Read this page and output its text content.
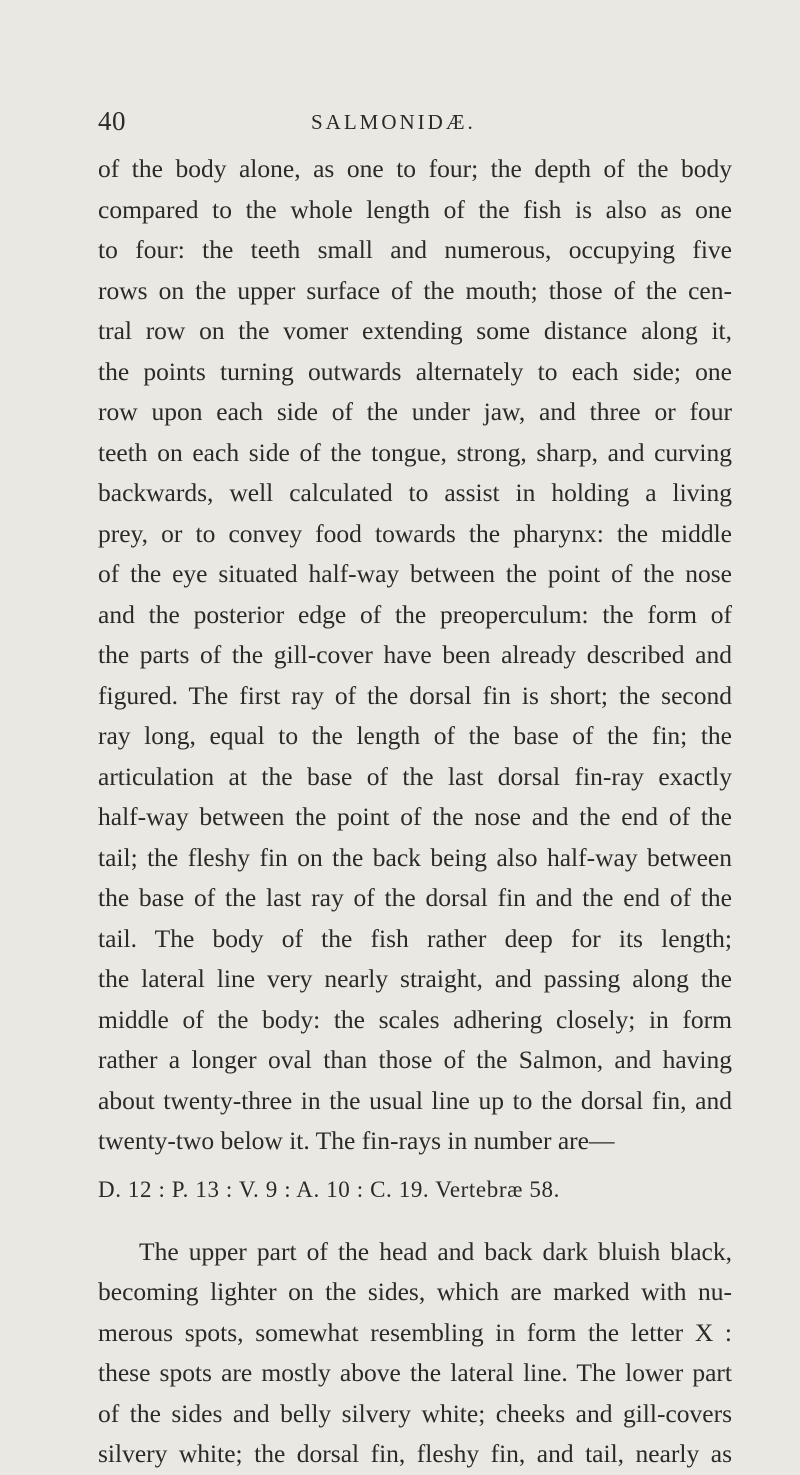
40	SALMONIDÆ.
of the body alone, as one to four; the depth of the body
compared to the whole length of the fish is also as one
to four: the teeth small and numerous, occupying five
rows on the upper surface of the mouth; those of the cen-
tral row on the vomer extending some distance along it,
the points turning outwards alternately to each side; one
row upon each side of the under jaw, and three or four
teeth on each side of the tongue, strong, sharp, and curving
backwards, well calculated to assist in holding a living
prey, or to convey food towards the pharynx: the middle
of the eye situated half-way between the point of the nose
and the posterior edge of the preoperculum: the form of
the parts of the gill-cover have been already described and
figured. The first ray of the dorsal fin is short; the second
ray long, equal to the length of the base of the fin; the
articulation at the base of the last dorsal fin-ray exactly
half-way between the point of the nose and the end of the
tail; the fleshy fin on the back being also half-way between
the base of the last ray of the dorsal fin and the end of the
tail. The body of the fish rather deep for its length;
the lateral line very nearly straight, and passing along the
middle of the body: the scales adhering closely; in form
rather a longer oval than those of the Salmon, and having
about twenty-three in the usual line up to the dorsal fin, and
twenty-two below it. The fin-rays in number are—
D. 12 : P. 13 : V. 9 : A. 10 : C. 19. Vertebræ 58.
The upper part of the head and back dark bluish black,
becoming lighter on the sides, which are marked with nu-
merous spots, somewhat resembling in form the letter X :
these spots are mostly above the lateral line. The lower part
of the sides and belly silvery white; cheeks and gill-covers
silvery white; the dorsal fin, fleshy fin, and tail, nearly as
